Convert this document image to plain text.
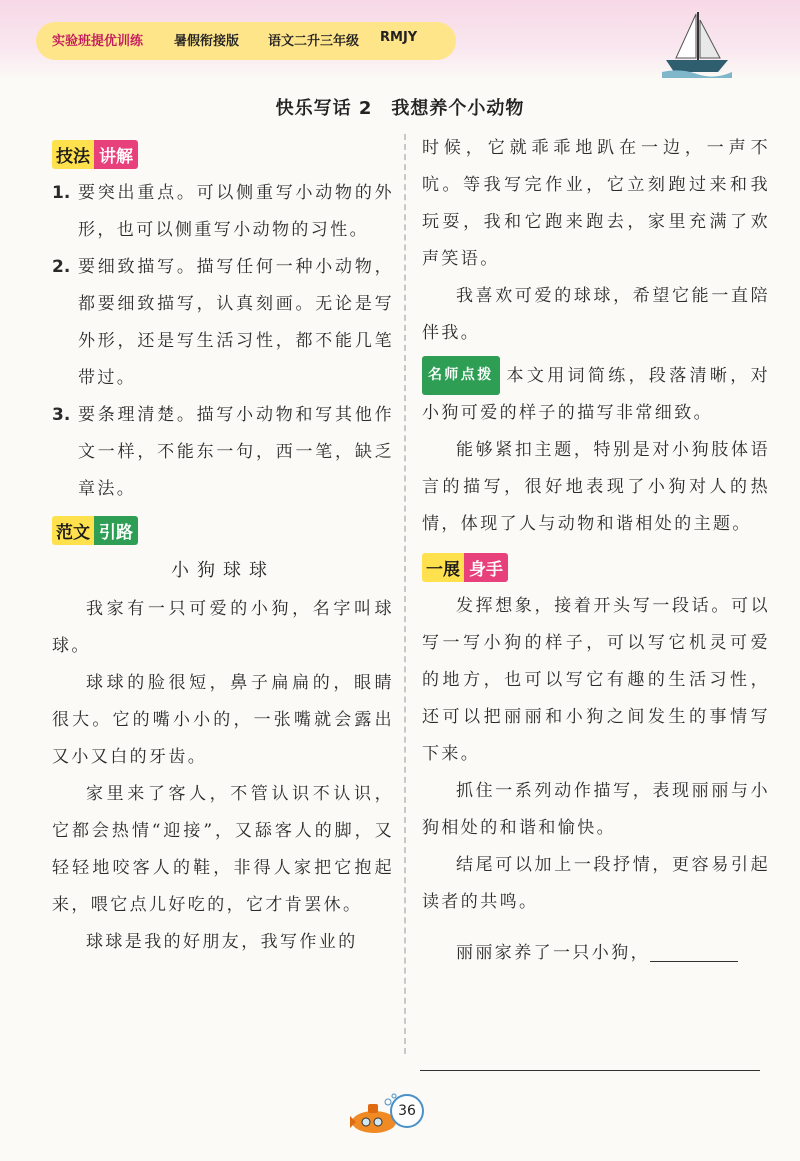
实验班提优训练 暑假衔接版 语文二升三年级 RMJY
快乐写话 2　我想养个小动物
技法 讲解
1. 要突出重点。可以侧重写小动物的外形，也可以侧重写小动物的习性。
2. 要细致描写。描写任何一种小动物，都要细致描写，认真刻画。无论是写外形，还是写生活习性，都不能几笔带过。
3. 要条理清楚。描写小动物和写其他作文一样，不能东一句，西一笔，缺乏章法。
范文 引路
小狗球球

我家有一只可爱的小狗，名字叫球球。

球球的脸很短，鼻子扁扁的，眼睛很大。它的嘴小小的，一张嘴就会露出又小又白的牙齿。

家里来了客人，不管认识不认识，它都会热情“迎接”，又舔客人的脚，又轻轻地咬客人的鞋，非得人家把它抱起来，喂它点儿好吃的，它才肯罢休。

球球是我的好朋友，我写作业的

时候，它就乖乖地趴在一边，一声不吭。等我写完作业，它立刻跑过来和我玩耍，我和它跑来跑去，家里充满了欢声笑语。

我喜欢可爱的球球，希望它能一直陪伴我。

名师点拨 本文用词简练，段落清晰，对小狗可爱的样子的描写非常细致。

能够紧扣主题，特别是对小狗肢体语言的描写，很好地表现了小狗对人的热情，体现了人与动物和谐相处的主题。

一展 身手

发挥想象，接着开头写一段话。可以写一写小狗的样子，可以写它机灵可爱的地方，也可以写它有趣的生活习性，还可以把丽丽和小狗之间发生的事情写下来。

抓住一系列动作描写，表现丽丽与小狗相处的和谐和愉快。

结尾可以加上一段抒情，更容易引起读者的共鸣。

丽丽家养了一只小狗，

36
